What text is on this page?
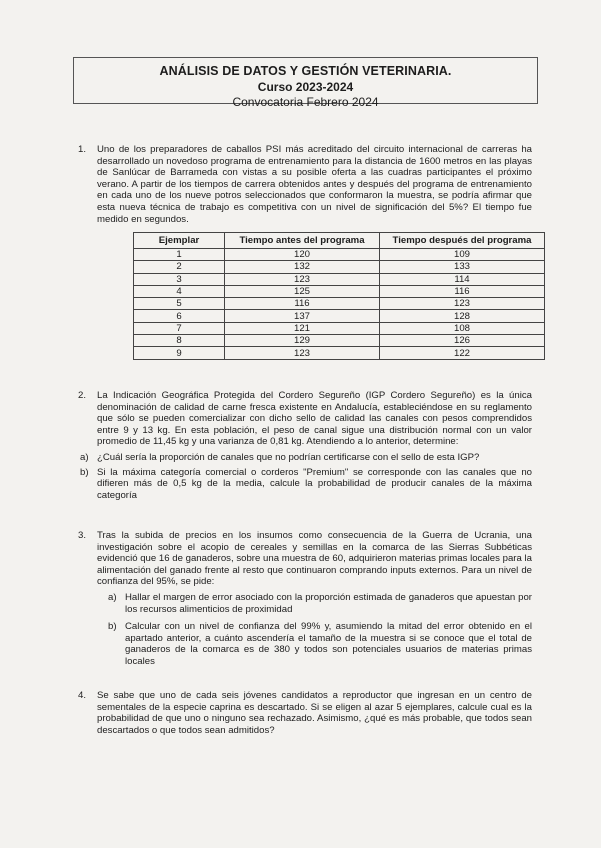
ANÁLISIS DE DATOS Y GESTIÓN VETERINARIA.
Curso 2023-2024
Convocatoria Febrero 2024
1. Uno de los preparadores de caballos PSI más acreditado del circuito internacional de carreras ha desarrollado un novedoso programa de entrenamiento para la distancia de 1600 metros en las playas de Sanlúcar de Barrameda con vistas a su posible oferta a las cuadras participantes el próximo verano. A partir de los tiempos de carrera obtenidos antes y después del programa de entrenamiento en cada uno de los nueve potros seleccionados que conformaron la muestra, se podría afirmar que esta nueva técnica de trabajo es competitiva con un nivel de significación del 5%? El tiempo fue medido en segundos.
Ejemplar	Tiempo antes del programa	Tiempo después del programa
1	120	109
2	132	133
3	123	114
4	125	116
5	116	123
6	137	128
7	121	108
8	129	126
9	123	122
2. La Indicación Geográfica Protegida del Cordero Segureño (IGP Cordero Segureño) es la única denominación de calidad de carne fresca existente en Andalucía, estableciéndose en su reglamento que sólo se pueden comercializar con dicho sello de calidad las canales con pesos comprendidos entre 9 y 13 kg. En esta población, el peso de canal sigue una distribución normal con un valor promedio de 11,45 kg y una varianza de 0,81 kg. Atendiendo a lo anterior, determine:
a) ¿Cuál sería la proporción de canales que no podrían certificarse con el sello de esta IGP?
b) Si la máxima categoría comercial o corderos "Premium" se corresponde con las canales que no difieren más de 0,5 kg de la media, calcule la probabilidad de producir canales de la máxima categoría
3. Tras la subida de precios en los insumos como consecuencia de la Guerra de Ucrania, una investigación sobre el acopio de cereales y semillas en la comarca de las Sierras Subbéticas evidenció que 16 de ganaderos, sobre una muestra de 60, adquirieron materias primas locales para la alimentación del ganado frente al resto que continuaron comprando inputs externos. Para un nivel de confianza del 95%, se pide:
a) Hallar el margen de error asociado con la proporción estimada de ganaderos que apuestan por los recursos alimenticios de proximidad
b) Calcular con un nivel de confianza del 99% y, asumiendo la mitad del error obtenido en el apartado anterior, a cuánto ascendería el tamaño de la muestra si se conoce que el total de ganaderos de la comarca es de 380 y todos son potenciales usuarios de materias primas locales
4. Se sabe que uno de cada seis jóvenes candidatos a reproductor que ingresan en un centro de sementales de la especie caprina es descartado. Si se eligen al azar 5 ejemplares, calcule cual es la probabilidad de que uno o ninguno sea rechazado. Asimismo, ¿qué es más probable, que todos sean descartados o que todos sean admitidos?
